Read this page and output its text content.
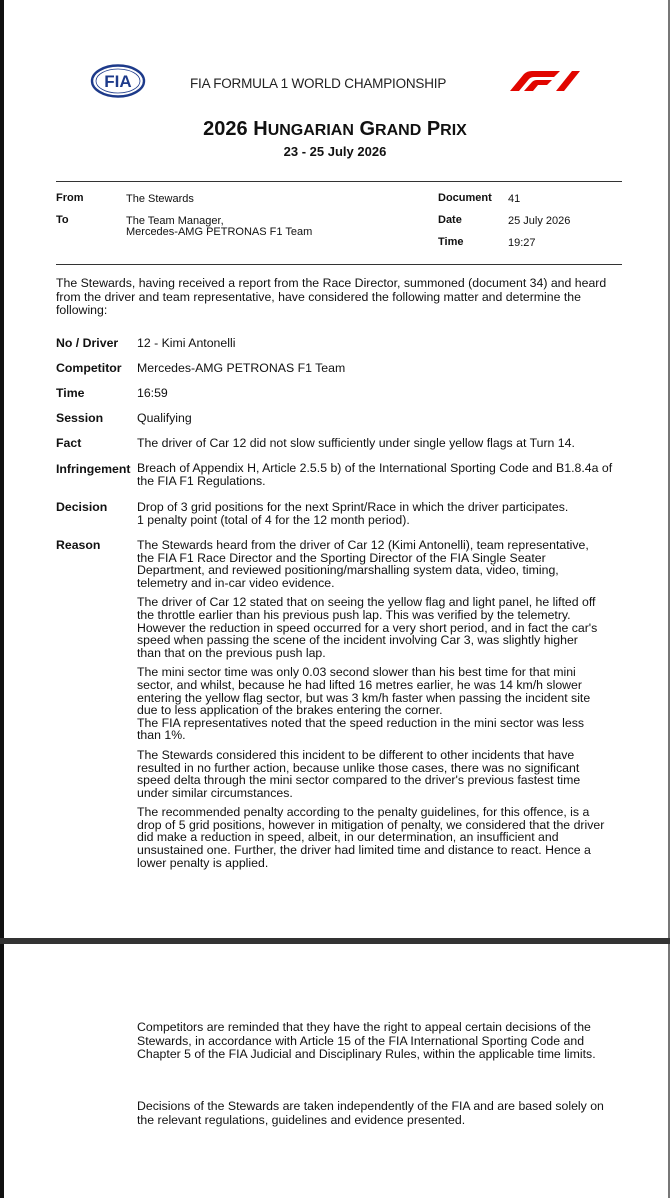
FIA	FIA FORMULA 1 WORLD CHAMPIONSHIP
2026 HUNGARIAN GRAND PRIX
23 - 25 July 2026
From	The Stewards
To	The Team Manager,
Mercedes-AMG PETRONAS F1 Team
Document 41
Date	25 July 2026
Time	19:27
The Stewards, having received a report from the Race Director, summoned (document 34) and heard from the driver and team representative, have considered the following matter and determine the following:
No / Driver 12 - Kimi Antonelli
Competitor Mercedes-AMG PETRONAS F1 Team
Time	16:59
Session	Qualifying
Fact	The driver of Car 12 did not slow sufficiently under single yellow flags at Turn 14.
Infringement Breach of Appendix H, Article 2.5.5 b) of the International Sporting Code and B1.8.4a of the FIA F1 Regulations.
Decision Drop of 3 grid positions for the next Sprint/Race in which the driver participates.
1 penalty point (total of 4 for the 12 month period).
Reason	The Stewards heard from the driver of Car 12 (Kimi Antonelli), team representative, the FIA F1 Race Director and the Sporting Director of the FIA Single Seater Department, and reviewed positioning/marshalling system data, video, timing, telemetry and in-car video evidence.
The driver of Car 12 stated that on seeing the yellow flag and light panel, he lifted off the throttle earlier than his previous push lap. This was verified by the telemetry. However the reduction in speed occurred for a very short period, and in fact the car's speed when passing the scene of the incident involving Car 3, was slightly higher than that on the previous push lap.
The mini sector time was only 0.03 second slower than his best time for that mini sector, and whilst, because he had lifted 16 metres earlier, he was 14 km/h slower entering the yellow flag sector, but was 3 km/h faster when passing the incident site due to less application of the brakes entering the corner.
The FIA representatives noted that the speed reduction in the mini sector was less than 1%.
The Stewards considered this incident to be different to other incidents that have resulted in no further action, because unlike those cases, there was no significant speed delta through the mini sector compared to the driver's previous fastest time under similar circumstances.
The recommended penalty according to the penalty guidelines, for this offence, is a drop of 5 grid positions, however in mitigation of penalty, we considered that the driver did make a reduction in speed, albeit, in our determination, an insufficient and unsustained one. Further, the driver had limited time and distance to react. Hence a lower penalty is applied.
Competitors are reminded that they have the right to appeal certain decisions of the Stewards, in accordance with Article 15 of the FIA International Sporting Code and Chapter 5 of the FIA Judicial and Disciplinary Rules, within the applicable time limits.
Decisions of the Stewards are taken independently of the FIA and are based solely on the relevant regulations, guidelines and evidence presented.
